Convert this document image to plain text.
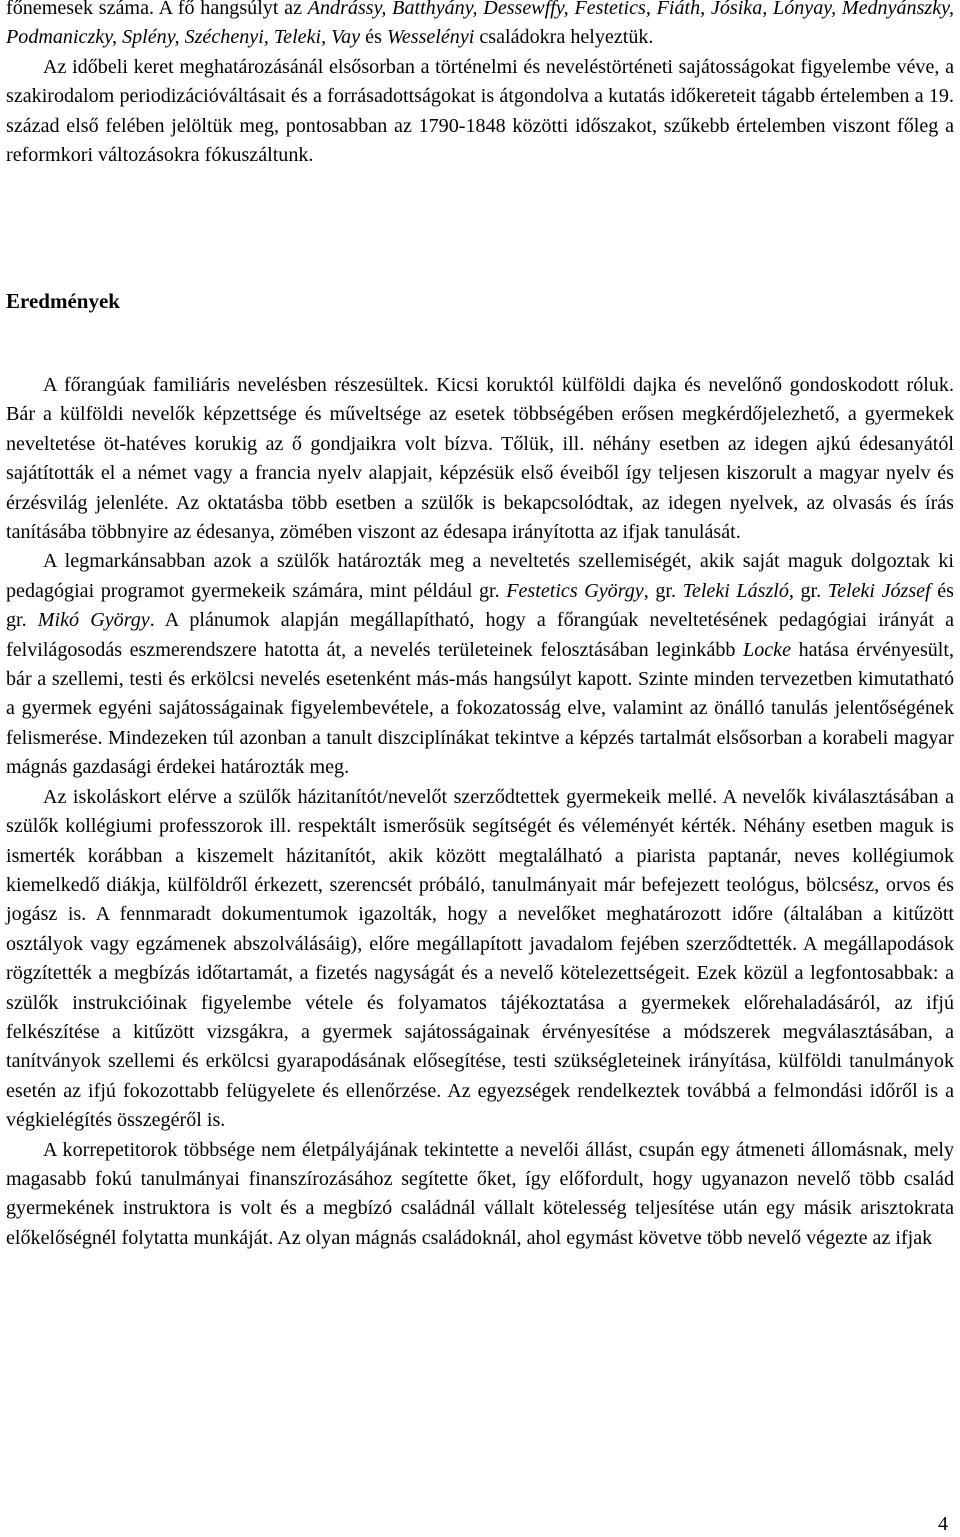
főnemesek száma. A fő hangsúlyt az Andrássy, Batthyány, Dessewffy, Festetics, Fiáth, Jósika, Lónyay, Mednyánszky, Podmaniczky, Splény, Széchenyi, Teleki, Vay és Wesselényi családokra helyeztük.

Az időbeli keret meghatározásánál elsősorban a történelmi és neveléstörténeti sajátosságokat figyelembe véve, a szakirodalom periodizációváltásait és a forrásadottságokat is átgondolva a kutatás időkereteit tágabb értelemben a 19. század első felében jelöltük meg, pontosabban az 1790-1848 közötti időszakot, szűkebb értelemben viszont főleg a reformkori változásokra fókuszáltunk.

Eredmények

A főrangúak familiáris nevelésben részesültek. Kicsi koruktól külföldi dajka és nevelőnő gondoskodott róluk. Bár a külföldi nevelők képzettsége és műveltsége az esetek többségében erősen megkérdőjelezhető, a gyermekek neveltetése öt-hatéves korukig az ő gondjaikra volt bízva. Tőlük, ill. néhány esetben az idegen ajkú édesanyától sajátították el a német vagy a francia nyelv alapjait, képzésük első éveiből így teljesen kiszorult a magyar nyelv és érzésvilág jelenléte. Az oktatásba több esetben a szülők is bekapcsolódtak, az idegen nyelvek, az olvasás és írás tanításába többnyire az édesanya, zömében viszont az édesapa irányította az ifjak tanulását.

A legmarkánsabban azok a szülők határozták meg a neveltetés szellemiségét, akik saját maguk dolgoztak ki pedagógiai programot gyermekeik számára, mint például gr. Festetics György, gr. Teleki László, gr. Teleki József és gr. Mikó György. A plánumok alapján megállapítható, hogy a főrangúak neveltetésének pedagógiai irányát a felvilágosodás eszmerendszere hatotta át, a nevelés területeinek felosztásában leginkább Locke hatása érvényesült, bár a szellemi, testi és erkölcsi nevelés esetenként más-más hangsúlyt kapott. Szinte minden tervezetben kimutatható a gyermek egyéni sajátosságainak figyelembevétele, a fokozatosság elve, valamint az önálló tanulás jelentőségének felismerése. Mindezeken túl azonban a tanult diszciplínákat tekintve a képzés tartalmát elsősorban a korabeli magyar mágnás gazdasági érdekei határozták meg.

Az iskoláskort elérve a szülők házitanítót/nevelőt szerződtettek gyermekeik mellé. A nevelők kiválasztásában a szülők kollégiumi professzorok ill. respektált ismerősük segítségét és véleményét kérték. Néhány esetben maguk is ismerték korábban a kiszemelt házitanítót, akik között megtalálható a piarista paptanár, neves kollégiumok kiemelkedő diákja, külföldről érkezett, szerencsét próbáló, tanulmányait már befejezett teológus, bölcsész, orvos és jogász is. A fennmaradt dokumentumok igazolták, hogy a nevelőket meghatározott időre (általában a kitűzött osztályok vagy egzámenek abszolválásáig), előre megállapított javadalom fejében szerződtették. A megállapodások rögzítették a megbízás időtartamát, a fizetés nagyságát és a nevelő kötelezettségeit. Ezek közül a legfontosabbak: a szülők instrukcióinak figyelembe vétele és folyamatos tájékoztatása a gyermekek előrehaladásáról, az ifjú felkészítése a kitűzött vizsgákra, a gyermek sajátosságainak érvényesítése a módszerek megválasztásában, a tanítványok szellemi és erkölcsi gyarapodásának elősegítése, testi szükségleteinek irányítása, külföldi tanulmányok esetén az ifjú fokozottabb felügyelete és ellenőrzése. Az egyezségek rendelkeztek továbbá a felmondási időről is a végkielégítés összegéről is.

A korrepetitorok többsége nem életpályájának tekintette a nevelői állást, csupán egy átmeneti állomásnak, mely magasabb fokú tanulmányai finanszírozásához segítette őket, így előfordult, hogy ugyanazon nevelő több család gyermekének instruktora is volt és a megbízó családnál vállalt kötelesség teljesítése után egy másik arisztokrata előkelőségnél folytatta munkáját. Az olyan mágnás családoknál, ahol egymást követve több nevelő végezte az ifjak

4
